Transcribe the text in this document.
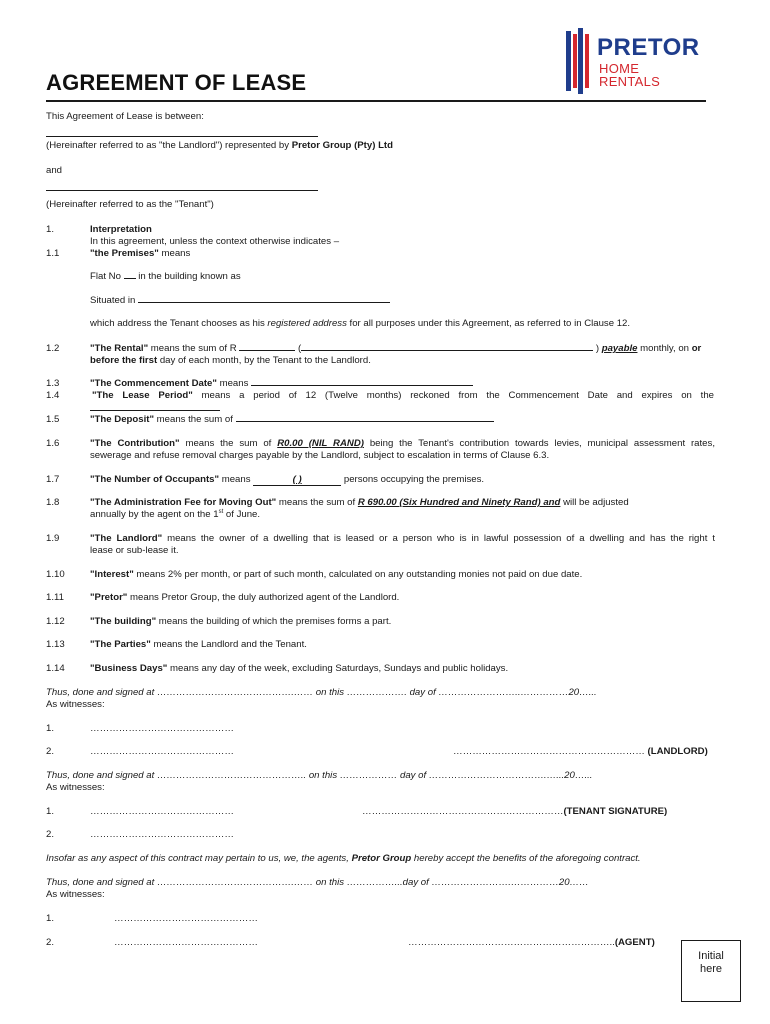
PRETOR
HOME
RENTALS
AGREEMENT OF LEASE
This Agreement of Lease is between:
(Hereinafter referred to as "the Landlord") represented by Pretor Group (Pty) Ltd
and
(Hereinafter referred to as the "Tenant")
1.	Interpretation
In this agreement, unless the context otherwise indicates –
1.1	"the Premises" means
Flat No  in the building known as
Situated in
which address the Tenant chooses as his registered address for all purposes under this Agreement, as referred to in Clause 12.
1.2	"The Rental" means the sum of R	(	) payable monthly, on or
before the first day of each month, by the Tenant to the Landlord.
1.3	"The Commencement Date" means
1.4	"The Lease Period" means a period of 12 (Twelve months) reckoned from the Commencement Date and expires on the
1.5	"The Deposit" means the sum of
1.6	"The Contribution" means the sum of R0.00 (NIL RAND) being the Tenant's contribution towards levies, municipal assessment rates,
sewerage and refuse removal charges payable by the Landlord, subject to escalation in terms of Clause 6.3.
1.7	"The Number of Occupants" means	( )	persons occupying the premises.
1.8	"The Administration Fee for Moving Out" means the sum of R 690.00 (Six Hundred and Ninety Rand) and will be adjusted
annually by the agent on the 1st of June.
1.9	"The Landlord" means the owner of a dwelling that is leased or a person who is in lawful possession of a dwelling and has the right t
lease or sub-lease it.
1.10	"Interest" means 2% per month, or part of such month, calculated on any outstanding monies not paid on due date.
1.11	"Pretor" means Pretor Group, the duly authorized agent of the Landlord.
1.12	"The building" means the building of which the premises forms a part.
1.13	"The Parties" means the Landlord and the Tenant.
1.14	"Business Days" means any day of the week, excluding Saturdays, Sundays and public holidays.
Thus, done and signed at …………………………………….…… on this ………………. day of ……………………..……………20…...
As witnesses:
1.	………………………………………
2.	………………………………………	…………………………………………………… (LANDLORD)
Thus, done and signed at ……………………………………….. on this ……………… day of ……………………………….…...20…...
As witnesses:
1.	………………………………………	………………………………………………………(TENANT SIGNATURE)
2.	………………………………………
Insofar as any aspect of this contract may pertain to us, we, the agents, Pretor Group hereby accept the benefits of the aforegoing contract.
Thus, done and signed at …………………………………….…… on this ……………...day of …………………….……………20……
As witnesses:
1.	………………………………………
2.	………………………………………	………………………………………………………..(AGENT)
Initial
here
